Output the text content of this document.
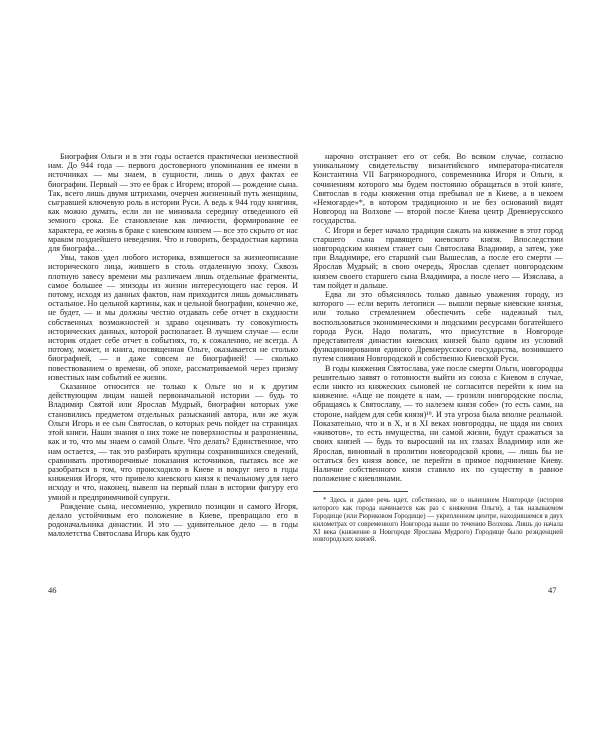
Биография Ольги и в эти годы остается практически неизвестной нам. До 944 года — первого достоверного упоминания ее имени в источниках — мы знаем, в сущности, лишь о двух фактах ее биографии. Первый — это ее брак с Игорем; второй — рождение сына. Так, всего лишь двумя штрихами, очерчен жизненный путь женщины, сыгравшей ключевую роль в истории Руси. А ведь к 944 году княгиня, как можно думать, если ли не миновала середину отведенного ей земного срока. Ее становление как личности, формирование ее характера, ее жизнь в браке с киевским князем — все это скрыто от нас мраком позднейшего неведения. Что и говорить, безрадостная картина для биографа…

Увы, таков удел любого историка, взявшегося за жизнеописание исторического лица, жившего в столь отдаленную эпоху. Сквозь плотную завесу времени мы различаем лишь отдельные фрагменты, самое большее — эпизоды из жизни интересующего нас героя. И потому, исходя из данных фактов, нам приходится лишь домысливать остальное. Но цельной картины, как и цельной биографии, конечно же, не будет, — и мы должны честно отдавать себе отчет в скудности собственных возможностей и здраво оценивать ту совокупность исторических данных, которой располагает. В лучшем случае — если историк отдает себе отчет в событиях, то, к сожалению, не всегда. А потому, может, и книга, посвященная Ольге, оказывается не столько биографией, — и даже совсем не биографией! — сколько повествованием о времени, об эпохе, рассматриваемой через призму известных нам событий ее жизни.

Сказанное относится не только к Ольге но и к другим действующим лицам нашей первоначальной истории — будь то Владимир Святой или Ярослав Мудрый, биографии которых уже становились предметом отдельных разысканий автора, или же жуж Ольги Игорь и ее сын Святослав, о которых речь пойдет на страницах этой книги. Наши знания о них тоже не поверхностны и разрозненны, как и то, что мы знаем о самой Ольге. Что делать? Единственное, что нам остается, — так это разбирать крупицы сохранившихся сведений, сравнивать противоречивые показания источников, пытаясь все же разобраться в том, что происходило в Киеве и вокруг него в годы княжения Игоря, что привело киевского князя к печальному для него исходу и что, наконец, вывело на первый план в истории фигуру его умной и предприимчивой супруги.

Рождение сына, несомненно, укрепило позиции и самого Игоря, делало устойчивым его положение в Киеве, превращало его в родоначальника династии. И это — удивительное дело — в годы малолетства Святослава Игорь как будто

нарочно отстраняет его от себя. Во всяком случае, согласно уникальному свидетельству византийского императора-писателя Константина VII Багрянородного, современника Игоря и Ольги, к сочинениям которого мы будем постоянно обращаться в этой книге, Святослав в годы княжения отца пребывал не в Киеве, а в некоем «Немогарде»*, в котором традиционно и не без оснований видят Новгород на Волхове — второй после Киева центр Древнерусского государства.

С Игоря и берет начало традиция сажать на княжение в этот город старшего сына правящего киевского князя. Впоследствии новгородским князем станет сын Святослава Владимир, а затем, уже при Владимире, его старший сын Вышеслав, а после его смерти — Ярослав Мудрый; в свою очередь, Ярослав сделает новгородским князем своего старшего сына Владимира, а после него — Изяслава, а там пойдет и дальше.

Едва ли это объяснялось только давнью уважения городу, из которого — если верить летописи — вышли первые киевские князья, или только стремлением обеспечить себе надежный тыл, воспользоваться экономическими и людскими ресурсами богатейшего города Руси. Надо полагать, что присутствие в Новгороде представителя династии киевских князей было одним из условий функционирования единого Древнерусского государства, возникшего путем слияния Новгородской и собственно Киевской Руси.

В годы княжения Святослава, уже после смерти Ольги, новгородцы решительно заявят о готовности выйти из союза с Киевом в случае, если никто из княжеских сыновей не согласится перейти к ним на княжение. «Аще не поидете к нам, — грозили новгородские послы, обращаясь к Святославу, — то налезем князя собе» (то есть сами, на стороне, найдем для себя князя)¹⁹. И эта угроза была вполне реальной. Показательно, что и в X, и в XI веках новгородцы, не щадя ни своих «животов», то есть имущества, ни самой жизни, будут сражаться за своих князей — будь то выросший на их глазах Владимир или же Ярослав, виновный в пролитии новгородской крови, — лишь бы не остаться без князя вовсе, не перейти в прямое подчинение Киеву. Наличие собственного князя ставило их по существу в равное положение с киевлянами.

* Здесь и далее речь идет, собственно, не о нынешнем Новгороде (история которого как города начинается как раз с княжения Ольги), а так называемом Городище (или Рюриковом Городище) — укрепленном центре, находившемся в двух километрах от современного Новгорода выше по течению Волхова. Лишь до начала XI века (княжение в Новгороде Ярослава Мудрого) Городище было резиденцией новгородских князей.

46	47
